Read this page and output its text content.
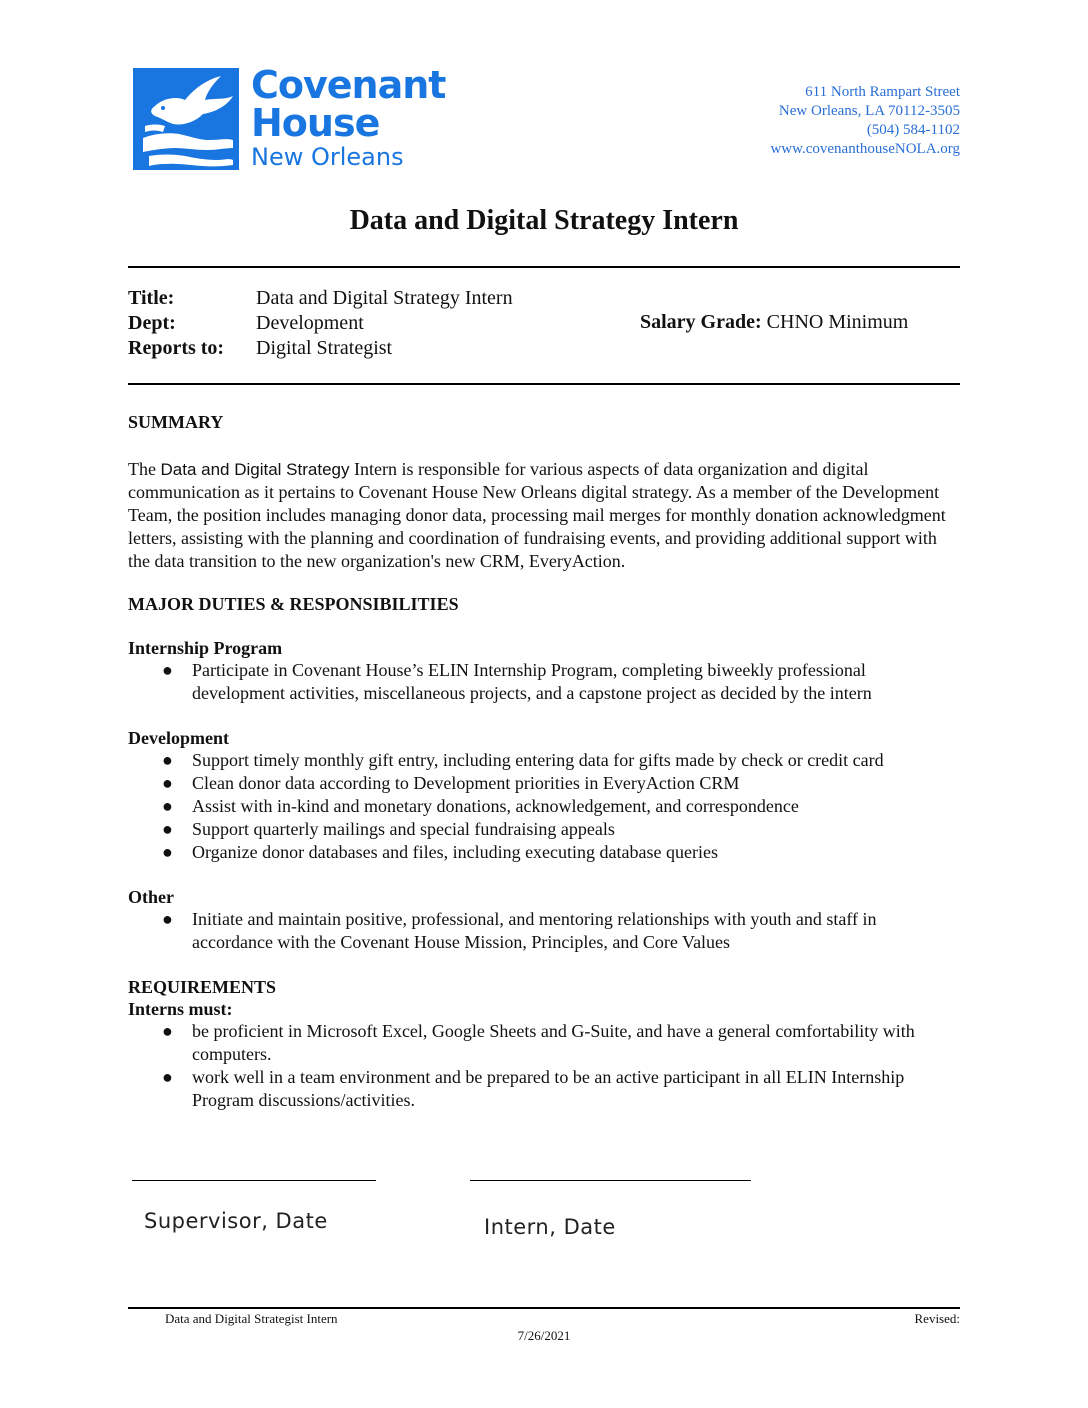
Covenant
House
New Orleans
611 North Rampart Street
New Orleans, LA 70112-3505
(504) 584-1102
www.covenanthouseNOLA.org
Data and Digital Strategy Intern
Title:	Data and Digital Strategy Intern
Dept:	Development
Reports to:	Digital Strategist
Salary Grade: CHNO Minimum
SUMMARY
The Data and Digital Strategy Intern is responsible for various aspects of data organization and digital communication as it pertains to Covenant House New Orleans digital strategy. As a member of the Development Team, the position includes managing donor data, processing mail merges for monthly donation acknowledgment letters, assisting with the planning and coordination of fundraising events, and providing additional support with the data transition to the new organization's new CRM, EveryAction.
MAJOR DUTIES & RESPONSIBILITIES
Internship Program
● Participate in Covenant House’s ELIN Internship Program, completing biweekly professional development activities, miscellaneous projects, and a capstone project as decided by the intern
Development
● Support timely monthly gift entry, including entering data for gifts made by check or credit card
● Clean donor data according to Development priorities in EveryAction CRM
● Assist with in-kind and monetary donations, acknowledgement, and correspondence
● Support quarterly mailings and special fundraising appeals
● Organize donor databases and files, including executing database queries
Other
● Initiate and maintain positive, professional, and mentoring relationships with youth and staff in accordance with the Covenant House Mission, Principles, and Core Values
REQUIREMENTS
Interns must:
● be proficient in Microsoft Excel, Google Sheets and G-Suite, and have a general comfortability with computers.
● work well in a team environment and be prepared to be an active participant in all ELIN Internship Program discussions/activities.
Supervisor, Date	Intern, Date
Data and Digital Strategist Intern	Revised:
7/26/2021
